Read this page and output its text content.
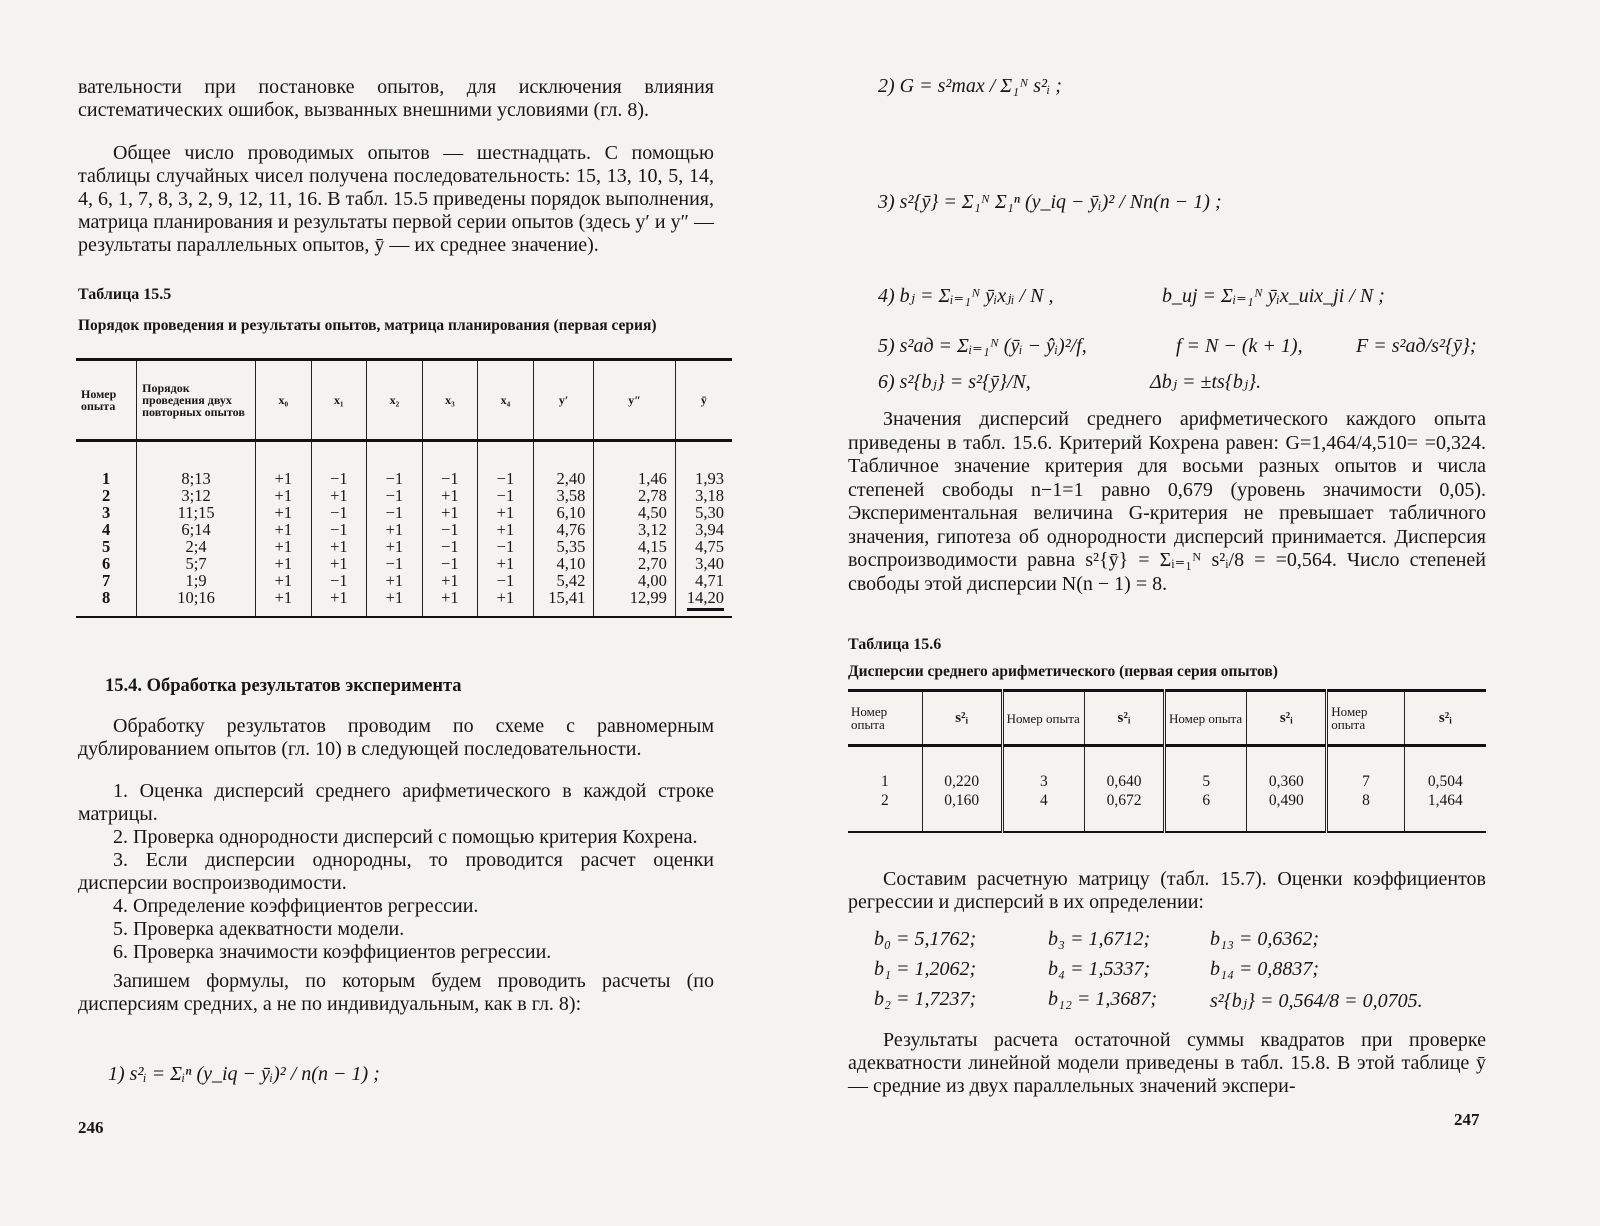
вательности при постановке опытов, для исключения влияния систематических ошибок, вызванных внешними условиями (гл. 8).

Общее число проводимых опытов — шестнадцать. С помощью таблицы случайных чисел получена последовательность: 15, 13, 10, 5, 14, 4, 6, 1, 7, 8, 3, 2, 9, 12, 11, 16. В табл. 15.5 приведены порядок выполнения, матрица планирования и результаты первой серии опытов (здесь y′ и y″ — результаты параллельных опытов, ȳ — их среднее значение).

Таблица 15.5
Порядок проведения и результаты опытов, матрица планирования (первая серия)
Номер опыта	Порядок проведения двух повторных опытов	x₀	x₁	x₂	x₃	x₄	y′	y″	ȳ
1	8;13	+1	−1	−1	−1	−1	2,40	1,46	1,93
2	3;12	+1	+1	−1	+1	−1	3,58	2,78	3,18
3	11;15	+1	−1	−1	+1	+1	6,10	4,50	5,30
4	6;14	+1	−1	+1	−1	+1	4,76	3,12	3,94
5	2;4	+1	+1	+1	−1	−1	5,35	4,15	4,75
6	5;7	+1	+1	−1	−1	+1	4,10	2,70	3,40
7	1;9	+1	−1	+1	+1	−1	5,42	4,00	4,71
8	10;16	+1	+1	+1	+1	+1	15,41	12,99	14,20
15.4. Обработка результатов эксперимента

Обработку результатов проводим по схеме с равномерным дублированием опытов (гл. 10) в следующей последовательности.

1. Оценка дисперсий среднего арифметического в каждой строке матрицы.

2. Проверка однородности дисперсий с помощью критерия Кохрена.

3. Если дисперсии однородны, то проводится расчет оценки дисперсии воспроизводимости.

4. Определение коэффициентов регрессии.

5. Проверка адекватности модели.

6. Проверка значимости коэффициентов регрессии.

Запишем формулы, по которым будем проводить расчеты (по дисперсиям средних, а не по индивидуальным, как в гл. 8):

1) s²ᵢ = Σᵢⁿ (y_iq − ȳᵢ)² / n(n − 1) ;
246
2) G = s²max / Σ₁ᴺ s²ᵢ ;
3) s²{ȳ} = Σ₁ᴺ Σ₁ⁿ (y_iq − ȳᵢ)² / Nn(n − 1) ;
4) bⱼ = Σᵢ₌₁ᴺ ȳᵢxⱼᵢ / N ,	b_uj = Σᵢ₌₁ᴺ ȳᵢx_uix_ji / N ;
5) s²ад = Σᵢ₌₁ᴺ (ȳᵢ − ŷᵢ)²/f,	f = N − (k + 1),	F = s²ад/s²{ȳ};
6) s²{bⱼ} = s²{ȳ}/N,	Δbⱼ = ±ts{bⱼ}.

Значения дисперсий среднего арифметического каждого опыта приведены в табл. 15.6. Критерий Кохрена равен: G=1,464/4,510= =0,324. Табличное значение критерия для восьми разных опытов и числа степеней свободы n−1=1 равно 0,679 (уровень значимости 0,05). Экспериментальная величина G-критерия не превышает табличного значения, гипотеза об однородности дисперсий принимается. Дисперсия воспроизводимости равна s²{ȳ} = Σᵢ₌₁ᴺ s²ᵢ/8 = =0,564. Число степеней свободы этой дисперсии N(n − 1) = 8.

Таблица 15.6
Дисперсии среднего арифметического (первая серия опытов)
Номер опыта	s²ᵢ	Номер опыта	s²ᵢ	Номер опыта	s²ᵢ	Номер опыта	s²ᵢ
1	0,220	3	0,640	5	0,360	7	0,504
2	0,160	4	0,672	6	0,490	8	1,464

Составим расчетную матрицу (табл. 15.7). Оценки коэффициентов регрессии и дисперсий в их определении:

b₀ = 5,1762;	b₃ = 1,6712;	b₁₃ = 0,6362;
b₁ = 1,2062;	b₄ = 1,5337;	b₁₄ = 0,8837;
b₂ = 1,7237;	b₁₂ = 1,3687;	s²{bⱼ} = 0,564/8 = 0,0705.

Результаты расчета остаточной суммы квадратов при проверке адекватности линейной модели приведены в табл. 15.8. В этой таблице ȳ — средние из двух параллельных значений экспери-

247
